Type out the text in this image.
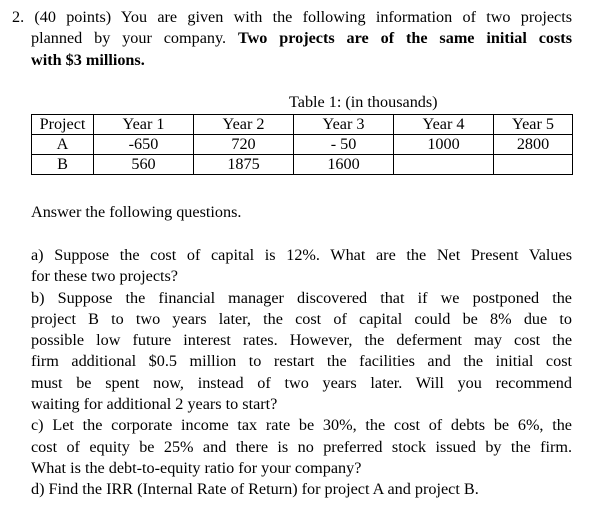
2. (40 points) You are given with the following information of two projects
planned by your company. Two projects are of the same initial costs
with $3 millions.
Table 1: (in thousands)
Project	Year 1	Year 2	Year 3	Year 4	Year 5
A	-650	720	- 50	1000	2800
B	560	1875	1600		
Answer the following questions.
a) Suppose the cost of capital is 12%. What are the Net Present Values
for these two projects?
b) Suppose the financial manager discovered that if we postponed the
project B to two years later, the cost of capital could be 8% due to
possible low future interest rates. However, the deferment may cost the
firm additional $0.5 million to restart the facilities and the initial cost
must be spent now, instead of two years later. Will you recommend
waiting for additional 2 years to start?
c) Let the corporate income tax rate be 30%, the cost of debts be 6%, the
cost of equity be 25% and there is no preferred stock issued by the firm.
What is the debt-to-equity ratio for your company?
d) Find the IRR (Internal Rate of Return) for project A and project B.
